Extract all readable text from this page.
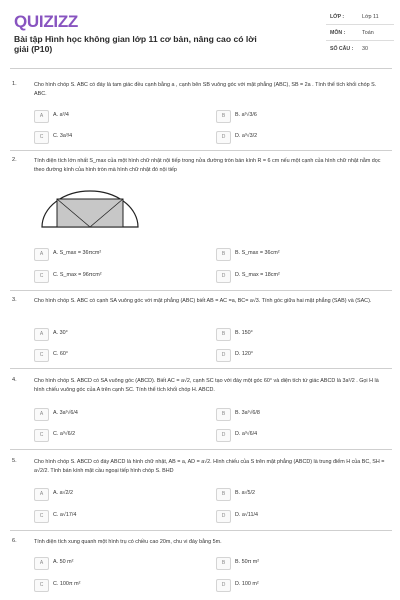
QUIZIZZ
Bài tập Hình học không gian lớp 11 cơ bản, nâng cao có lời giải (P10)
LỚP :	Lớp 11
MÔN :	Toán
SỐ CÂU : 30
1.	Cho hình chóp S. ABC có đáy là tam giác đều cạnh bằng a , cạnh bên SB vuông góc với mặt phẳng (ABC), SB = 2a . Tính thể tích khối chóp S. ABC.
A	A. a³/4	B	B. a³√3/6
C	C. 3a³/4	D	D. a³√3/2
2.	Tính diện tích lớn nhất S_max của một hình chữ nhật nội tiếp trong nửa đường tròn bán kính R = 6 cm nếu một cạnh của hình chữ nhật nằm dọc theo đường kính của hình tròn mà hình chữ nhật đó nội tiếp
A	A. S_max = 36πcm²	B	B. S_max = 36cm²
C	C. S_max = 96πcm²	D	D. S_max = 18cm²
3.	Cho hình chóp S. ABC có cạnh SA vuông góc với mặt phẳng (ABC) biết AB = AC =a, BC= a√3. Tính góc giữa hai mặt phẳng (SAB) và (SAC).
A	A. 30°	B	B. 150°
C	C. 60°	D	D. 120°
4.	Cho hình chóp S. ABCD có SA vuông góc (ABCD). Biết AC = a√2, cạnh SC tạo với đáy một góc 60° và diện tích tứ giác ABCD là 3a²/2 . Gọi H là hình chiếu vuông góc của A trên cạnh SC. Tính thể tích khối chóp H. ABCD.
A	A. 3a³√6/4	B	B. 3a³√6/8
C	C. a³√6/2	D	D. a³√6/4
5.	Cho hình chóp S. ABCD có đáy ABCD là hình chữ nhật, AB = a, AD = a√2. Hình chiếu của S trên mặt phẳng (ABCD) là trung điểm H của BC, SH = a√2/2. Tính bán kính mặt cầu ngoại tiếp hình chóp S. BHD
A	A. a√2/2	B	B. a√5/2
C	C. a√17/4	D	D. a√11/4
6.	Tính diện tích xung quanh một hình trụ có chiều cao 20m, chu vi đáy bằng 5m.
A	A. 50 m²	B	B. 50π m²
C	C. 100π m²	D	D. 100 m²
